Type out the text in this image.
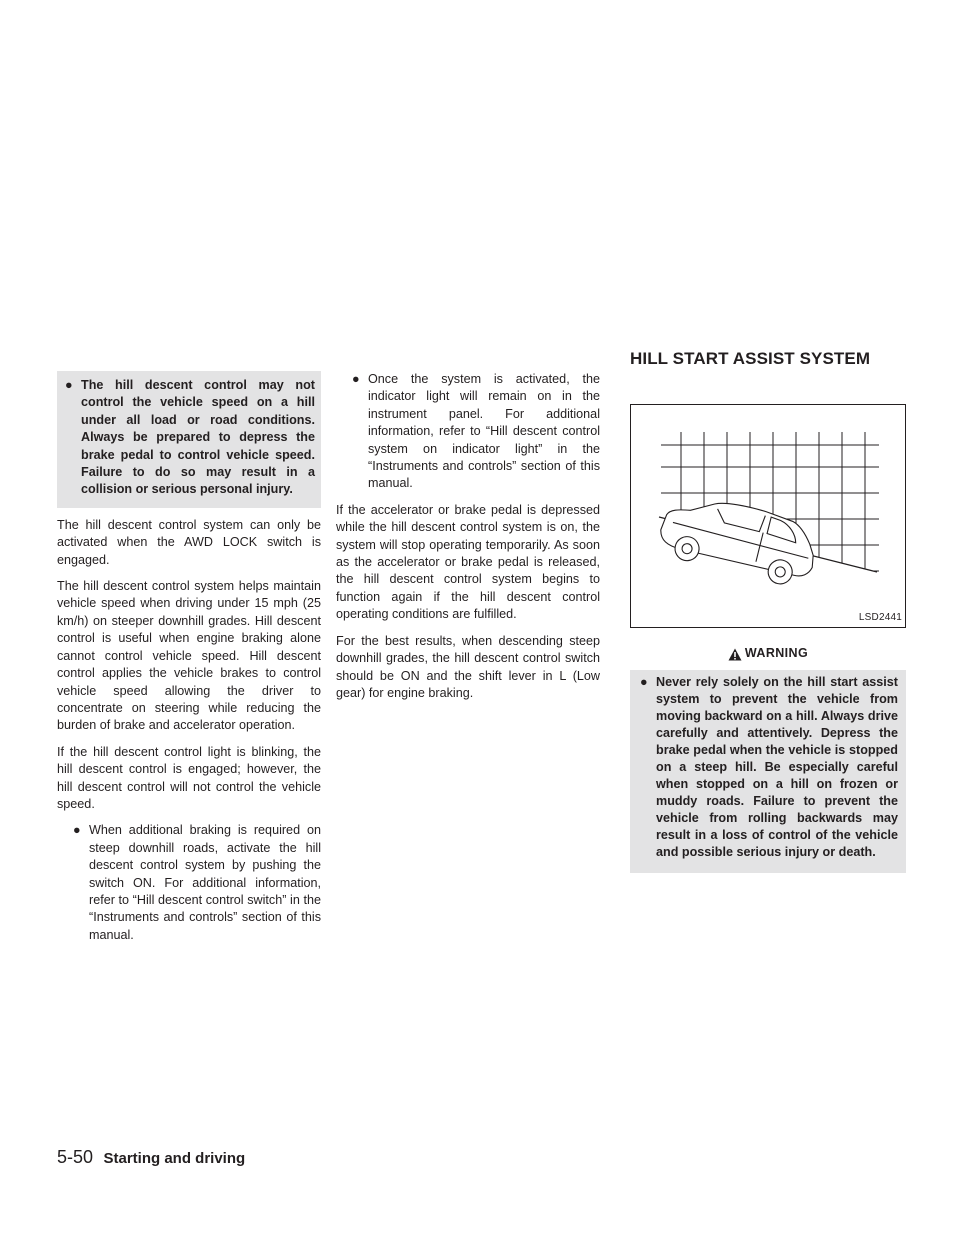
HILL START ASSIST SYSTEM
● The hill descent control may not control the vehicle speed on a hill under all load or road conditions. Always be prepared to depress the brake pedal to control vehicle speed. Failure to do so may result in a collision or serious personal injury.

The hill descent control system can only be activated when the AWD LOCK switch is engaged.

The hill descent control system helps maintain vehicle speed when driving under 15 mph (25 km/h) on steeper downhill grades. Hill descent control is useful when engine braking alone cannot control vehicle speed. Hill descent control applies the vehicle brakes to control vehicle speed allowing the driver to concentrate on steering while reducing the burden of brake and accelerator operation.

If the hill descent control light is blinking, the hill descent control is engaged; however, the hill descent control will not control the vehicle speed.

● When additional braking is required on steep downhill roads, activate the hill descent control system by pushing the switch ON. For additional information, refer to “Hill descent control switch” in the “Instruments and controls” section of this manual.
● Once the system is activated, the indicator light will remain on in the instrument panel. For additional information, refer to “Hill descent control system on indicator light” in the “Instruments and controls” section of this manual.

If the accelerator or brake pedal is depressed while the hill descent control system is on, the system will stop operating temporarily. As soon as the accelerator or brake pedal is released, the hill descent control system begins to function again if the hill descent control operating conditions are fulfilled.

For the best results, when descending steep downhill grades, the hill descent control switch should be ON and the shift lever in L (Low gear) for engine braking.

LSD2441
WARNING
● Never rely solely on the hill start assist system to prevent the vehicle from moving backward on a hill. Always drive carefully and attentively. Depress the brake pedal when the vehicle is stopped on a steep hill. Be especially careful when stopped on a hill on frozen or muddy roads. Failure to prevent the vehicle from rolling backwards may result in a loss of control of the vehicle and possible serious injury or death.
5-50 Starting and driving
